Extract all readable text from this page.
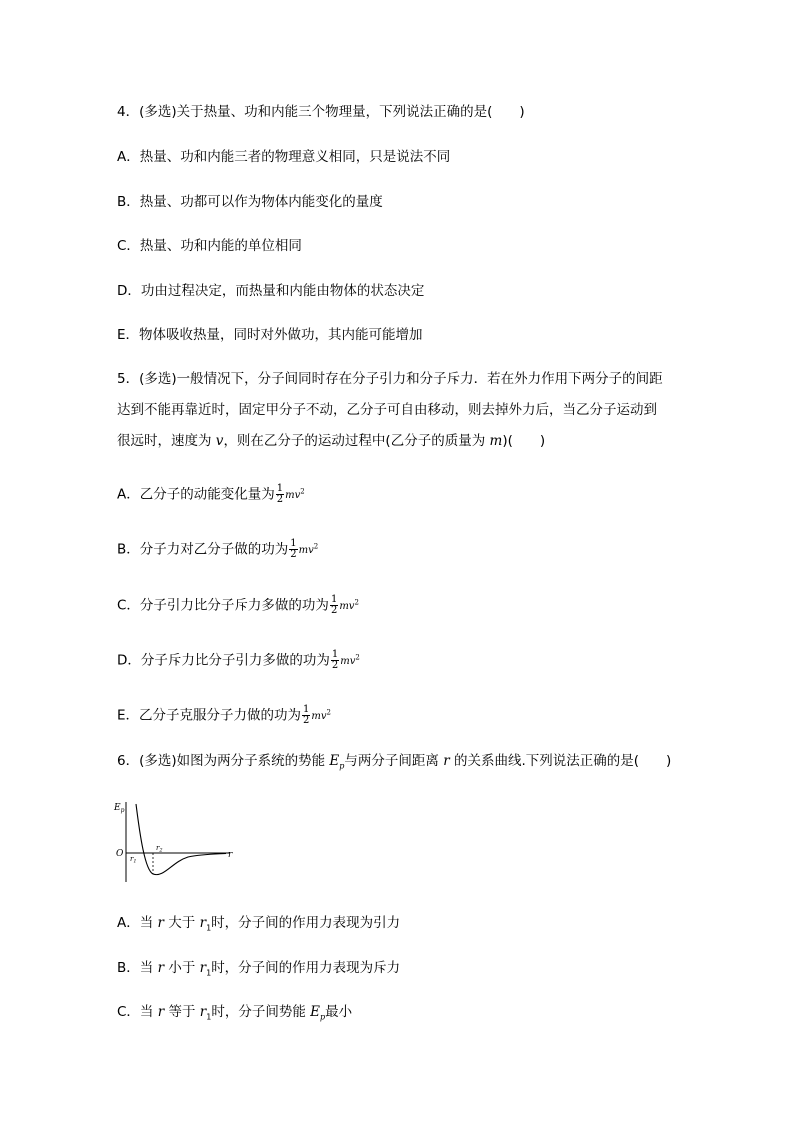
4．(多选)关于热量、功和内能三个物理量，下列说法正确的是(　　)
A．热量、功和内能三者的物理意义相同，只是说法不同
B．热量、功都可以作为物体内能变化的量度
C．热量、功和内能的单位相同
D．功由过程决定，而热量和内能由物体的状态决定
E．物体吸收热量，同时对外做功，其内能可能增加
5．(多选)一般情况下，分子间同时存在分子引力和分子斥力．若在外力作用下两分子的间距
达到不能再靠近时，固定甲分子不动，乙分子可自由移动，则去掉外力后，当乙分子运动到
很远时，速度为 v，则在乙分子的运动过程中(乙分子的质量为 m)(　　)
A．乙分子的动能变化量为 $\frac{1}{2} mv^2$
B．分子力对乙分子做的功为 $\frac{1}{2} mv^2$
C．分子引力比分子斥力多做的功为 $\frac{1}{2} mv^2$
D．分子斥力比分子引力多做的功为 $\frac{1}{2} mv^2$
E．乙分子克服分子力做的功为 $\frac{1}{2} mv^2$
6．(多选)如图为两分子系统的势能 $E_p$与两分子间距离 r 的关系曲线.下列说法正确的是(　　)
$E_p$
O	r
$r_1$
$r_2$
A．当 r 大于 $r_1$时，分子间的作用力表现为引力
B．当 r 小于 $r_1$时，分子间的作用力表现为斥力
C．当 r 等于 $r_1$时，分子间势能 $E_p$最小
